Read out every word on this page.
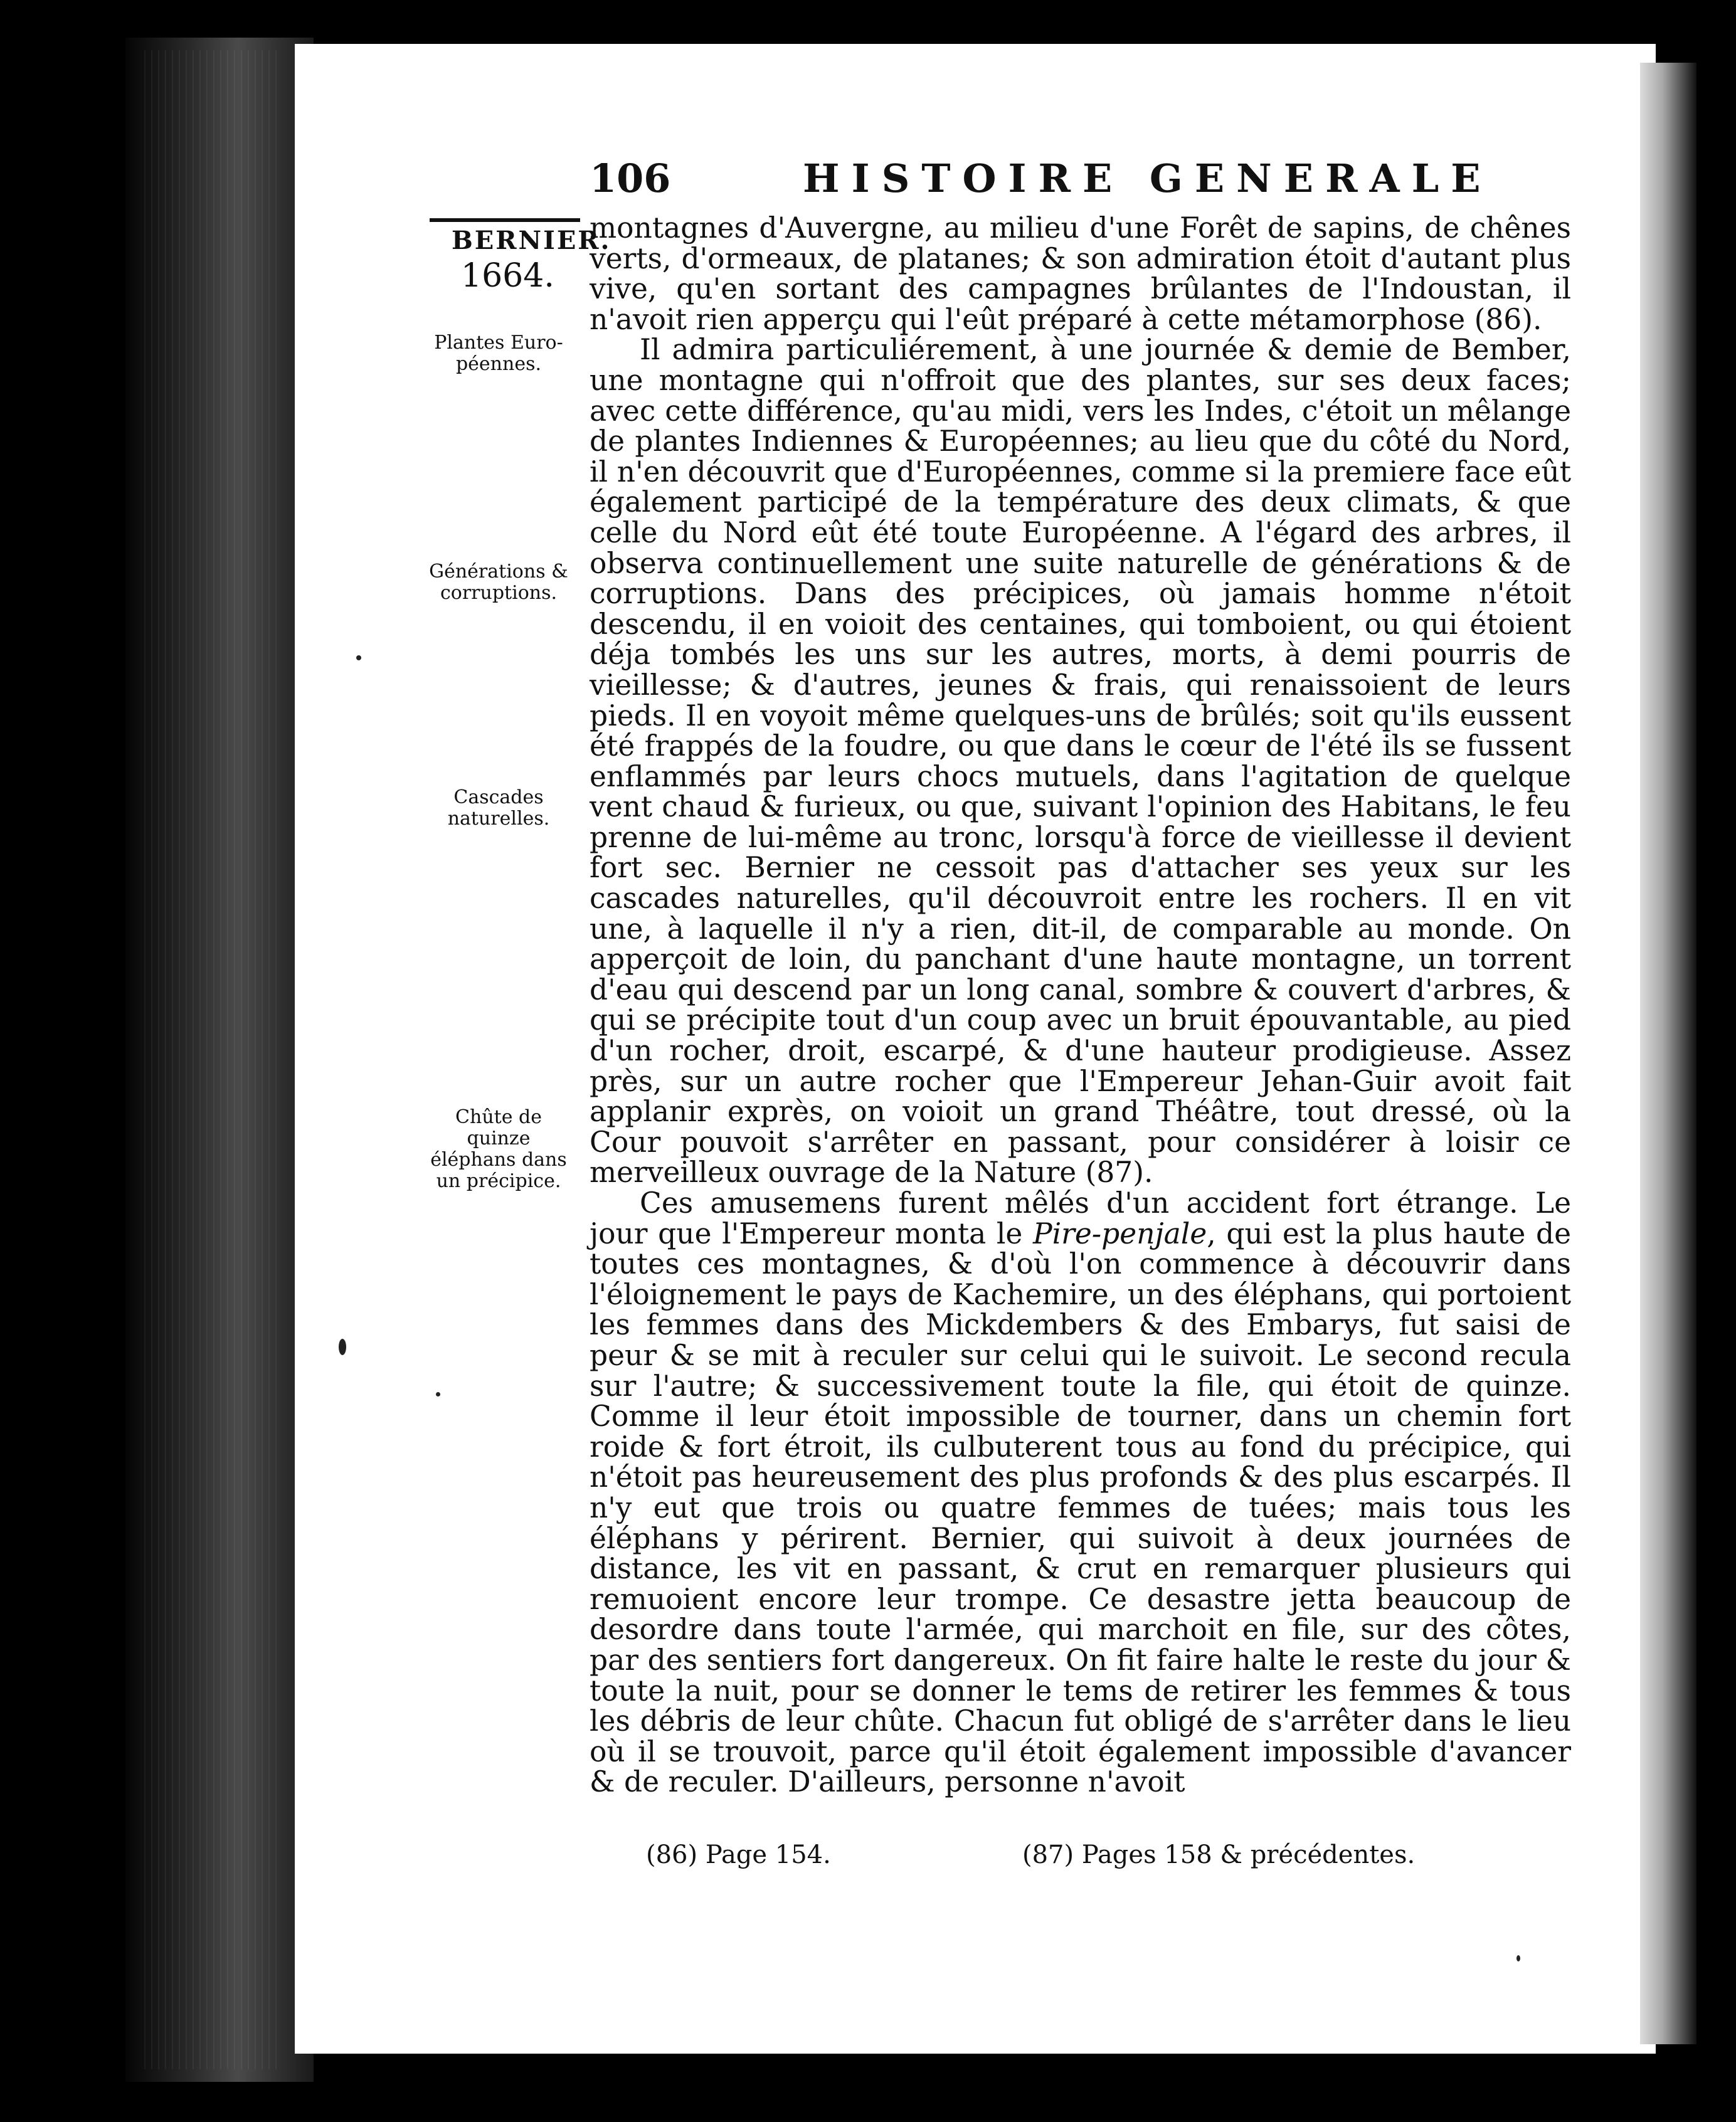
106	HISTOIRE GENERALE
BERNIER.
1664.
Plantes Euro-péennes.
Générations & corruptions.
Cascades naturelles.
Chûte de quinze éléphans dans un précipice.

montagnes d'Auvergne, au milieu d'une Forêt de sapins, de chênes verts, d'ormeaux, de platanes; & son admiration étoit d'autant plus vive, qu'en sortant des campagnes brûlantes de l'Indoustan, il n'avoit rien apperçu qui l'eût préparé à cette métamorphose (86).

Il admira particuliérement, à une journée & demie de Bember, une montagne qui n'offroit que des plantes, sur ses deux faces; avec cette différence, qu'au midi, vers les Indes, c'étoit un mêlange de plantes Indiennes & Européennes; au lieu que du côté du Nord, il n'en découvrit que d'Européennes, comme si la premiere face eût également participé de la température des deux climats, & que celle du Nord eût été toute Européenne. A l'égard des arbres, il observa continuellement une suite naturelle de générations & de corruptions. Dans des précipices, où jamais homme n'étoit descendu, il en voioit des centaines, qui tomboient, ou qui étoient déja tombés les uns sur les autres, morts, à demi pourris de vieillesse; & d'autres, jeunes & frais, qui renaissoient de leurs pieds. Il en voyoit même quelques-uns de brûlés; soit qu'ils eussent été frappés de la foudre, ou que dans le cœur de l'été ils se fussent enflammés par leurs chocs mutuels, dans l'agitation de quelque vent chaud & furieux, ou que, suivant l'opinion des Habitans, le feu prenne de lui-même au tronc, lorsqu'à force de vieillesse il devient fort sec. Bernier ne cessoit pas d'attacher ses yeux sur les cascades naturelles, qu'il découvroit entre les rochers. Il en vit une, à laquelle il n'y a rien, dit-il, de comparable au monde. On apperçoit de loin, du panchant d'une haute montagne, un torrent d'eau qui descend par un long canal, sombre & couvert d'arbres, & qui se précipite tout d'un coup avec un bruit épouvantable, au pied d'un rocher, droit, escarpé, & d'une hauteur prodigieuse. Assez près, sur un autre rocher que l'Empereur Jehan-Guir avoit fait applanir exprès, on voioit un grand Théâtre, tout dressé, où la Cour pouvoit s'arrêter en passant, pour considérer à loisir ce merveilleux ouvrage de la Nature (87).

Ces amusemens furent mêlés d'un accident fort étrange. Le jour que l'Empereur monta le Pire-penjale, qui est la plus haute de toutes ces montagnes, & d'où l'on commence à découvrir dans l'éloignement le pays de Kachemire, un des éléphans, qui portoient les femmes dans des Mickdembers & des Embarys, fut saisi de peur & se mit à reculer sur celui qui le suivoit. Le second recula sur l'autre; & successivement toute la file, qui étoit de quinze. Comme il leur étoit impossible de tourner, dans un chemin fort roide & fort étroit, ils culbuterent tous au fond du précipice, qui n'étoit pas heureusement des plus profonds & des plus escarpés. Il n'y eut que trois ou quatre femmes de tuées; mais tous les éléphans y périrent. Bernier, qui suivoit à deux journées de distance, les vit en passant, & crut en remarquer plusieurs qui remuoient encore leur trompe. Ce desastre jetta beaucoup de desordre dans toute l'armée, qui marchoit en file, sur des côtes, par des sentiers fort dangereux. On fit faire halte le reste du jour & toute la nuit, pour se donner le tems de retirer les femmes & tous les débris de leur chûte. Chacun fut obligé de s'arrêter dans le lieu où il se trouvoit, parce qu'il étoit également impossible d'avancer & de reculer. D'ailleurs, personne n'avoit

(86) Page 154.	(87) Pages 158 & précédentes.
